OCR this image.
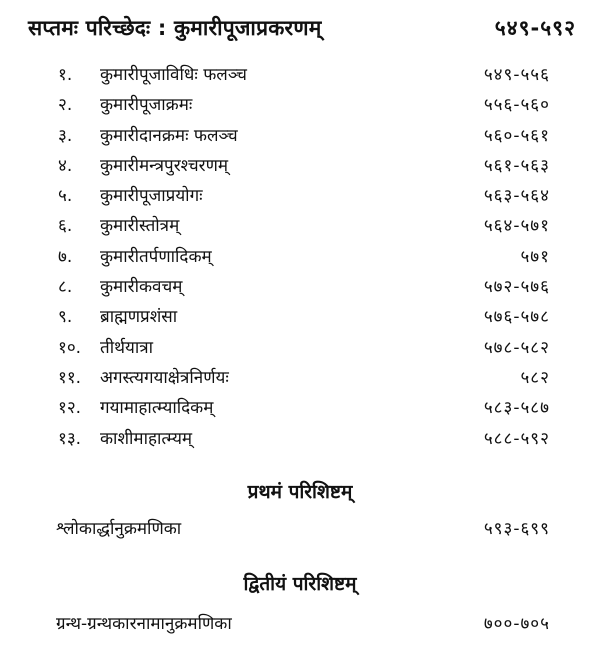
सप्तमः परिच्छेदः : कुमारीपूजाप्रकरणम्	५४९-५९२
१. कुमारीपूजाविधिः फलञ्च	५४९-५५६
२. कुमारीपूजाक्रमः	५५६-५६०
३. कुमारीदानक्रमः फलञ्च	५६०-५६१
४. कुमारीमन्त्रपुरश्चरणम्	५६१-५६३
५. कुमारीपूजाप्रयोगः	५६३-५६४
६. कुमारीस्तोत्रम्	५६४-५७१
७. कुमारीतर्पणादिकम्	५७१
८. कुमारीकवचम्	५७२-५७६
९. ब्राह्मणप्रशंसा	५७६-५७८
१०. तीर्थयात्रा	५७८-५८२
११. अगस्त्यगयाक्षेत्रनिर्णयः	५८२
१२. गयामाहात्म्यादिकम्	५८३-५८७
१३. काशीमाहात्म्यम्	५८८-५९२
प्रथमं परिशिष्टम्
श्लोकार्द्धानुक्रमणिका	५९३-६९९
द्वितीयं परिशिष्टम्
ग्रन्थ-ग्रन्थकारनामानुक्रमणिका	७००-७०५
